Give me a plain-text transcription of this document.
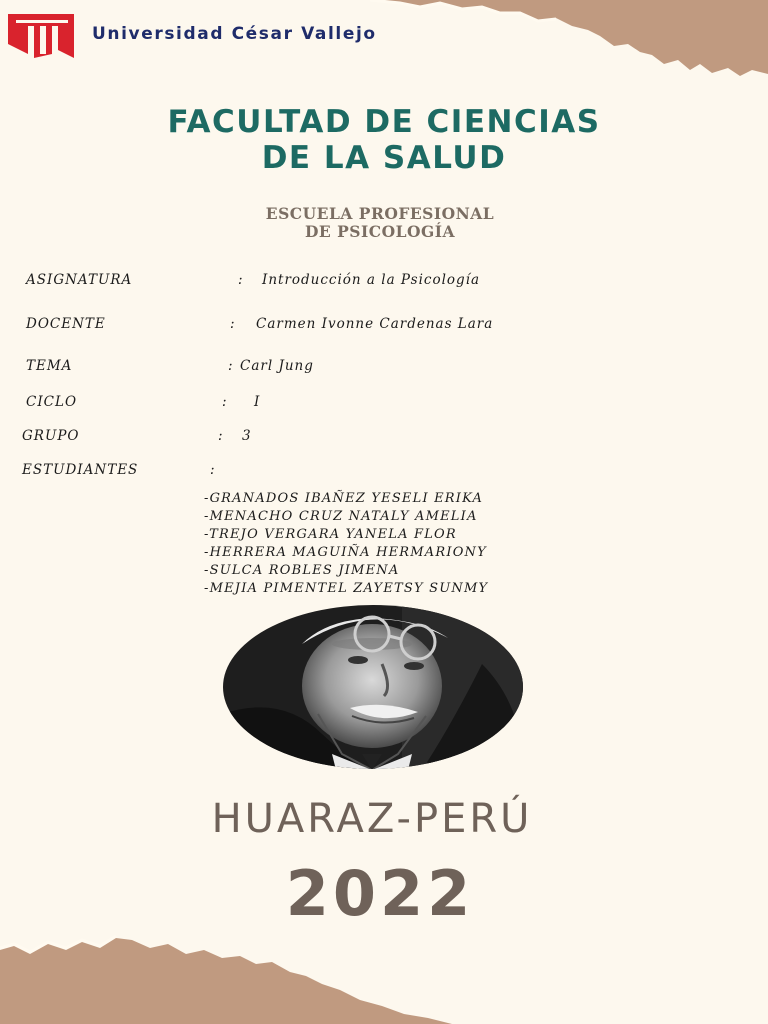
Universidad César Vallejo
FACULTAD DE CIENCIAS
DE LA SALUD
ESCUELA PROFESIONAL
DE PSICOLOGÍA
ASIGNATURA	: Introducción a la Psicología
DOCENTE	: Carmen Ivonne Cardenas Lara
TEMA	: Carl Jung
CICLO	: I
GRUPO	: 3
ESTUDIANTES	:
-GRANADOS IBAÑEZ YESELI ERIKA
-MENACHO CRUZ NATALY AMELIA
-TREJO VERGARA YANELA FLOR
-HERRERA MAGUIÑA HERMARIONY
-SULCA ROBLES JIMENA
-MEJIA PIMENTEL ZAYETSY SUNMY
HUARAZ-PERÚ
2022
